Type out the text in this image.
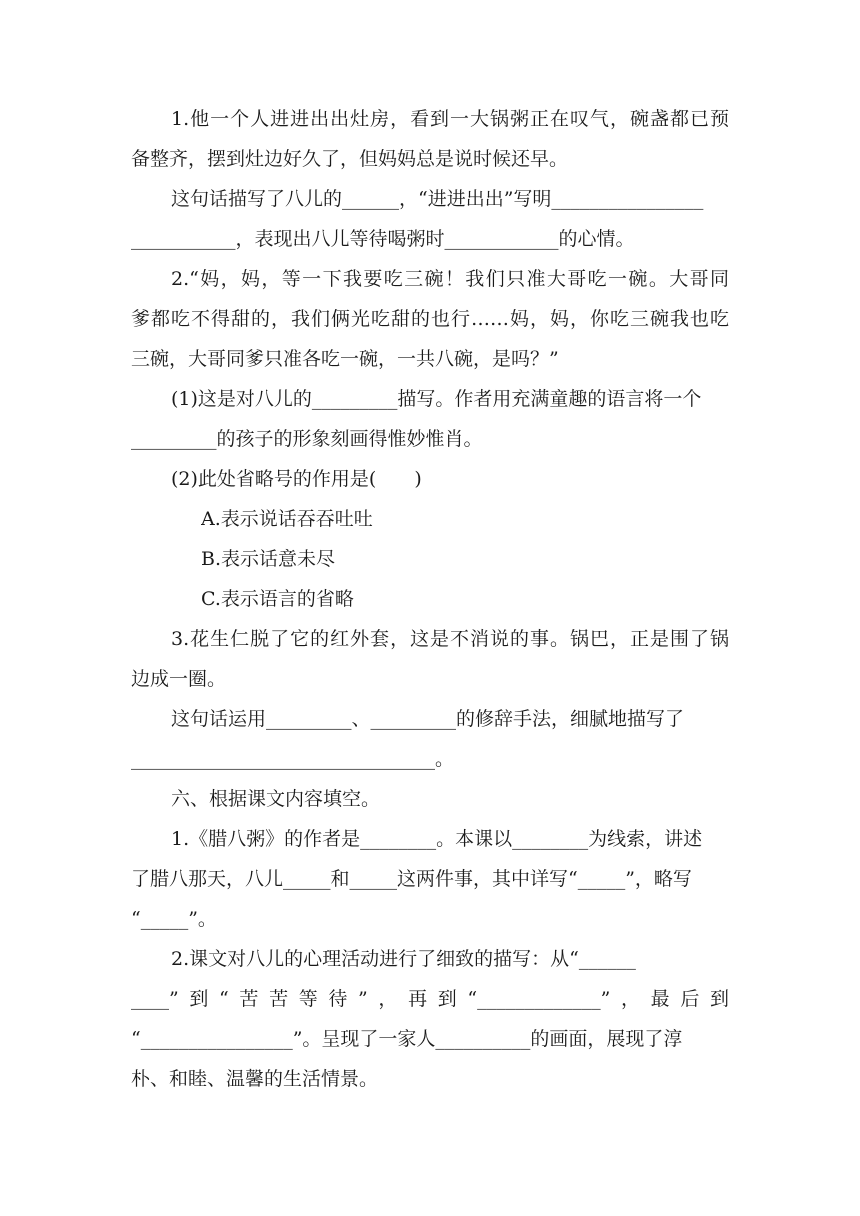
1.他一个人进进出出灶房，看到一大锅粥正在叹气，碗盏都已预
备整齐，摆到灶边好久了，但妈妈总是说时候还早。
这句话描写了八儿的______，“进进出出”写明________________
___________，表现出八儿等待喝粥时____________的心情。
2.“妈，妈，等一下我要吃三碗！我们只准大哥吃一碗。大哥同
爹都吃不得甜的，我们俩光吃甜的也行……妈，妈，你吃三碗我也吃
三碗，大哥同爹只准各吃一碗，一共八碗，是吗？”
(1)这是对八儿的_________描写。作者用充满童趣的语言将一个
_________的孩子的形象刻画得惟妙惟肖。
(2)此处省略号的作用是(　　)
A.表示说话吞吞吐吐
B.表示话意未尽
C.表示语言的省略
3.花生仁脱了它的红外套，这是不消说的事。锅巴，正是围了锅
边成一圈。
这句话运用_________、_________的修辞手法，细腻地描写了
________________________________。
六、根据课文内容填空。
1.《腊八粥》的作者是________。本课以________为线索，讲述
了腊八那天，八儿_____和_____这两件事，其中详写“_____”，略写
“_____”。
2.课文对八儿的心理活动进行了细致的描写：从“______
____”到“苦苦等待”，再到“_____________”，最后到
“________________”。呈现了一家人__________的画面，展现了淳
朴、和睦、温馨的生活情景。
